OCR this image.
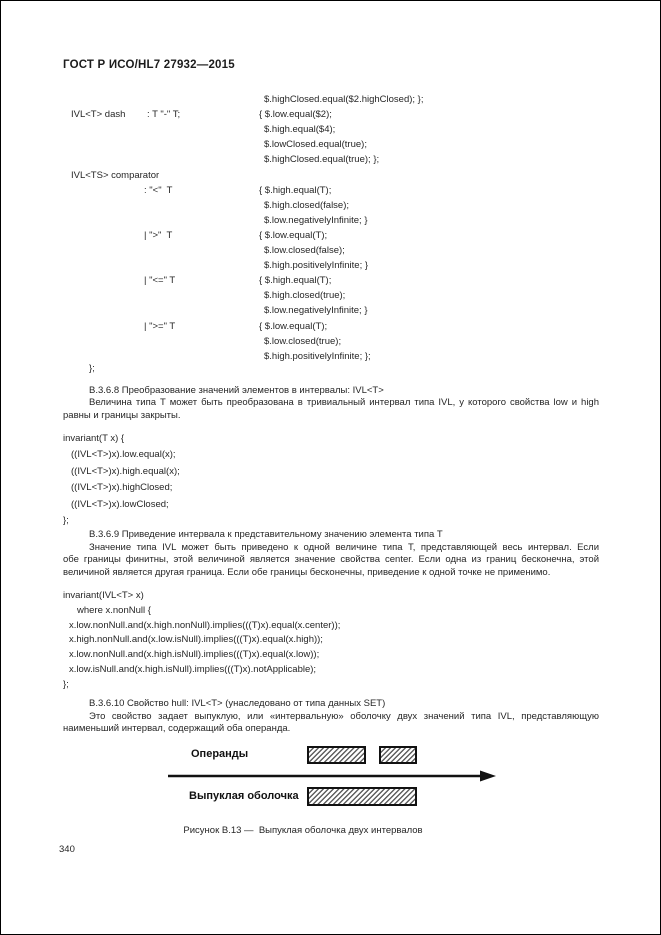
ГОСТ Р ИСО/HL7 27932—2015
$.highClosed.equal($2.highClosed); };
IVL<T> dash : T "-" T;	{ $.low.equal($2);
$.high.equal($4);
$.lowClosed.equal(true);
$.highClosed.equal(true); };
IVL<TS> comparator
: "<"  T	{ $.high.equal(T);
$.high.closed(false);
$.low.negativelyInfinite; }
| ">"  T	{ $.low.equal(T);
$.low.closed(false);
$.high.positivelyInfinite; }
| "<=" T	{ $.high.equal(T);
$.high.closed(true);
$.low.negativelyInfinite; }
| ">=" T	{ $.low.equal(T);
$.low.closed(true);
$.high.positivelyInfinite; };
};
В.3.6.8 Преобразование значений элементов в интервалы: IVL<T>
Величина типа Т может быть преобразована в тривиальный интервал типа IVL, у которого свойства low и high
равны и границы закрыты.
invariant(T x) {
((IVL<T>)x).low.equal(x);
((IVL<T>)x).high.equal(x);
((IVL<T>)x).highClosed;
((IVL<T>)x).lowClosed;
};
В.3.6.9 Приведение интервала к представительному значению элемента типа Т
Значение типа IVL может быть приведено к одной величине типа Т, представляющей весь интервал. Если
обе границы финитны, этой величиной является значение свойства center. Если одна из границ бесконечна, этой
величиной является другая граница. Если обе границы бесконечны, приведение к одной точке не применимо.
invariant(IVL<T> x)
where x.nonNull {
x.low.nonNull.and(x.high.nonNull).implies(((T)x).equal(x.center));
x.high.nonNull.and(x.low.isNull).implies(((T)x).equal(x.high));
x.low.nonNull.and(x.high.isNull).implies(((T)x).equal(x.low));
x.low.isNull.and(x.high.isNull).implies(((T)x).notApplicable);
};
В.3.6.10 Свойство hull: IVL<T> (унаследовано от типа данных SET)
Это свойство задает выпуклую, или «интервальную» оболочку двух значений типа IVL, представляющую
наименьший интервал, содержащий оба операнда.
Операнды
Выпуклая оболочка
Рисунок В.13 —  Выпуклая оболочка двух интервалов
340
